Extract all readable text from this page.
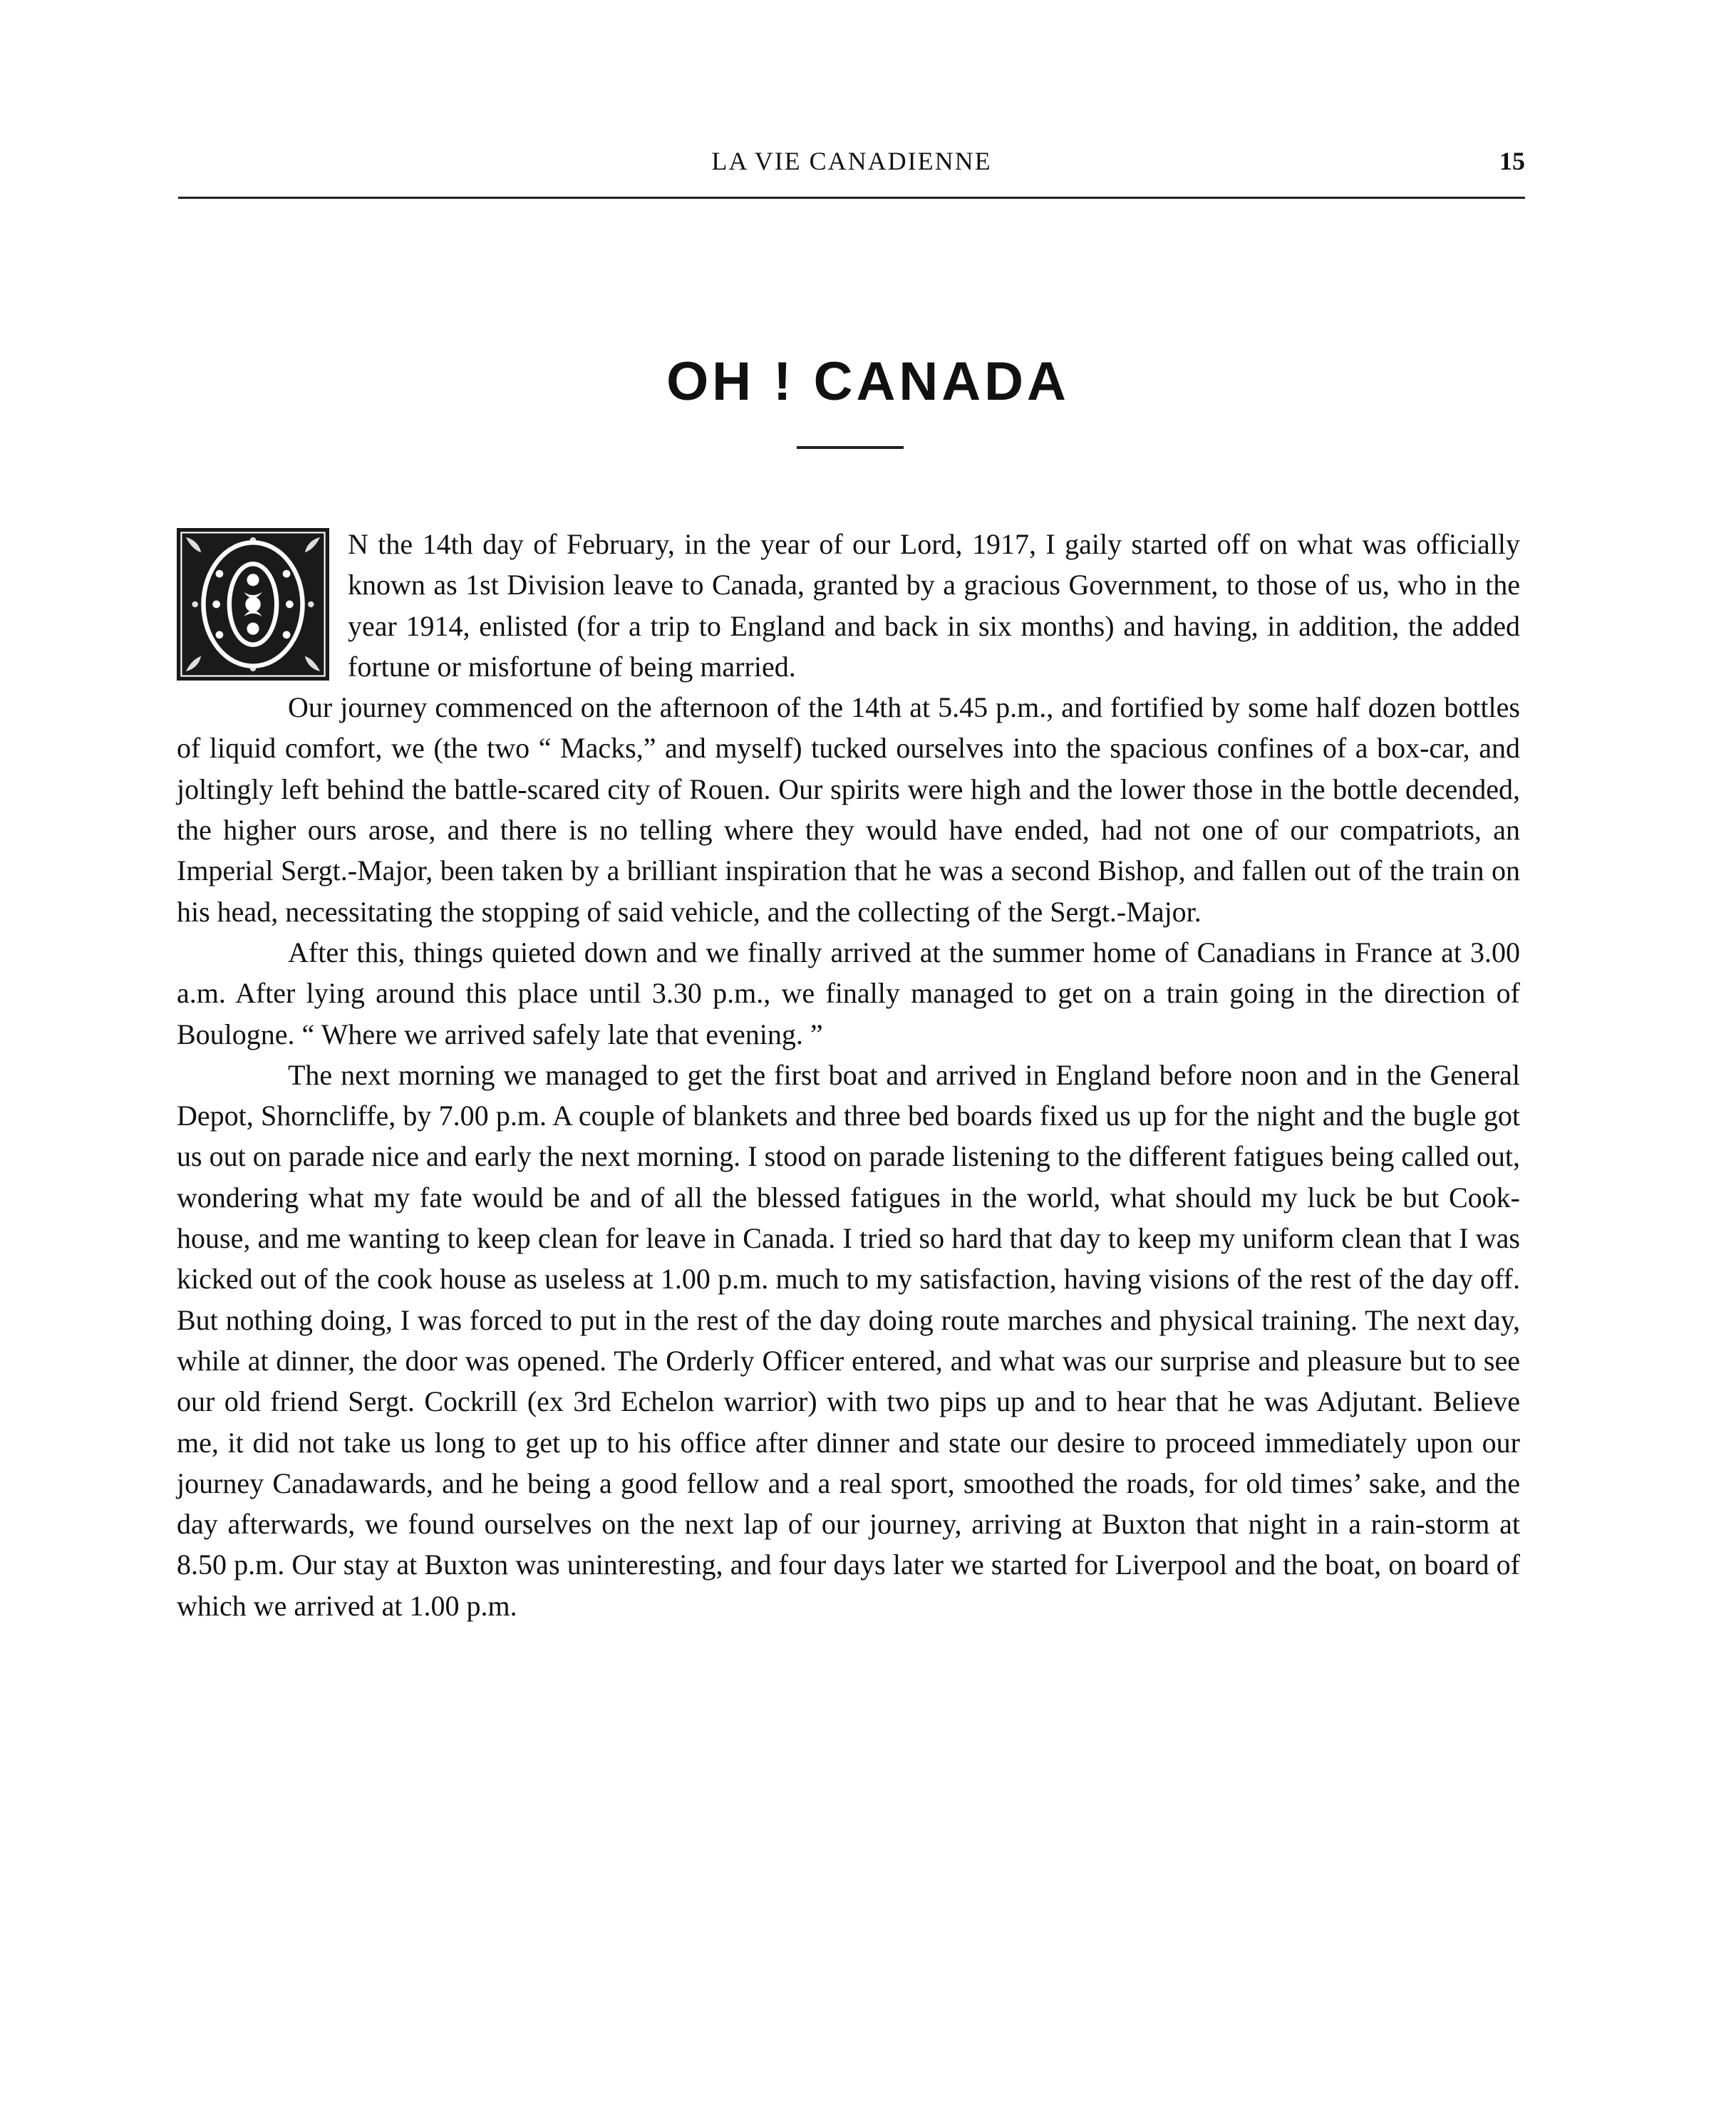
LA VIE CANADIENNE	15
OH ! CANADA

N the 14th day of February, in the year of our Lord, 1917, I gaily started off on what was officially known as 1st Division leave to Canada, granted by a gracious Government, to those of us, who in the year 1914, enlisted (for a trip to England and back in six months) and having, in addition, the added fortune or misfortune of being married.

Our journey commenced on the afternoon of the 14th at 5.45 p.m., and fortified by some half dozen bottles of liquid comfort, we (the two “ Macks,” and myself) tucked ourselves into the spacious confines of a box-car, and joltingly left behind the battle-scared city of Rouen. Our spirits were high and the lower those in the bottle decended, the higher ours arose, and there is no telling where they would have ended, had not one of our compatriots, an Imperial Sergt.-Major, been taken by a brilliant inspiration that he was a second Bishop, and fallen out of the train on his head, necessitating the stopping of said vehicle, and the collecting of the Sergt.-Major.

After this, things quieted down and we finally arrived at the summer home of Canadians in France at 3.00 a.m. After lying around this place until 3.30 p.m., we finally managed to get on a train going in the direction of Boulogne. “ Where we arrived safely late that evening. ”

The next morning we managed to get the first boat and arrived in England before noon and in the General Depot, Shorncliffe, by 7.00 p.m. A couple of blankets and three bed boards fixed us up for the night and the bugle got us out on parade nice and early the next morning. I stood on parade listening to the different fatigues being called out, wondering what my fate would be and of all the blessed fatigues in the world, what should my luck be but Cook- house, and me wanting to keep clean for leave in Canada. I tried so hard that day to keep my uniform clean that I was kicked out of the cook house as useless at 1.00 p.m. much to my satisfaction, having visions of the rest of the day off. But nothing doing, I was forced to put in the rest of the day doing route marches and physical training. The next day, while at dinner, the door was opened. The Orderly Officer entered, and what was our surprise and pleasure but to see our old friend Sergt. Cockrill (ex 3rd Echelon warrior) with two pips up and to hear that he was Adjutant. Believe me, it did not take us long to get up to his office after dinner and state our desire to proceed immediately upon our journey Canadawards, and he being a good fellow and a real sport, smoothed the roads, for old times’ sake, and the day afterwards, we found ourselves on the next lap of our journey, arriving at Buxton that night in a rain-storm at 8.50 p.m. Our stay at Buxton was uninteresting, and four days later we started for Liverpool and the boat, on board of which we arrived at 1.00 p.m.
